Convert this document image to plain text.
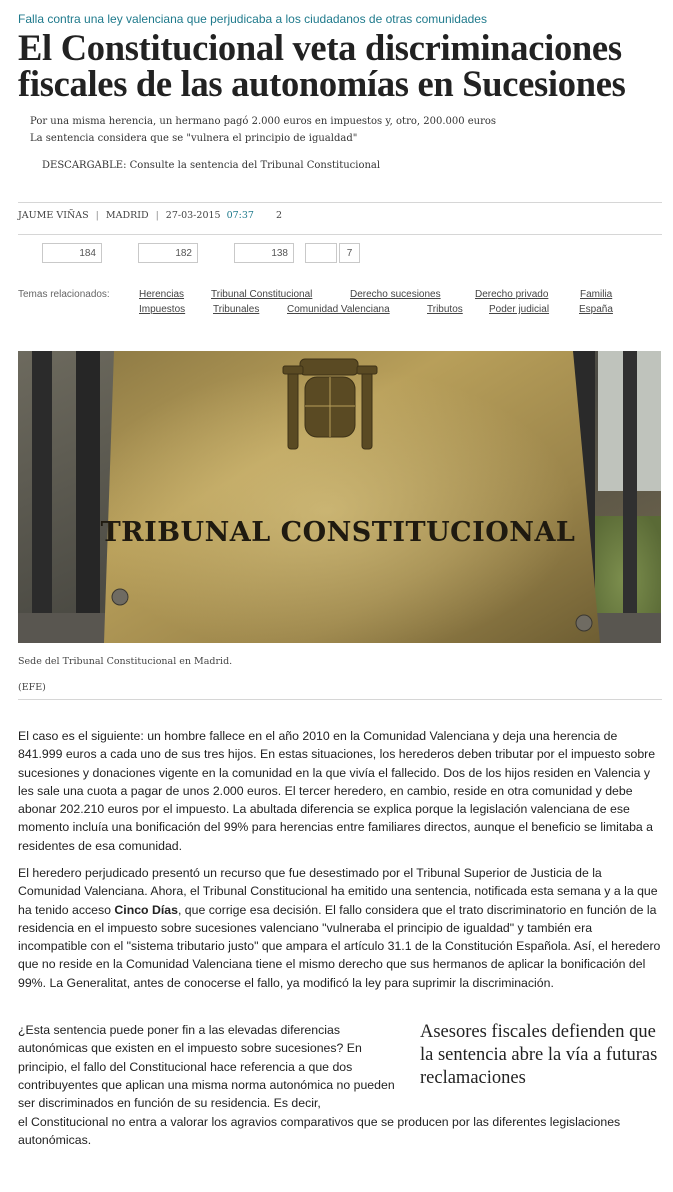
Falla contra una ley valenciana que perjudicaba a los ciudadanos de otras comunidades
El Constitucional veta discriminaciones fiscales de las autonomías en Sucesiones
Por una misma herencia, un hermano pagó 2.000 euros en impuestos y, otro, 200.000 euros
La sentencia considera que se "vulnera el principio de igualdad"
DESCARGABLE: Consulte la sentencia del Tribunal Constitucional
JAUME VIÑAS | MADRID | 27-03-2015 07:37 2
184	182	138	7
Temas relacionados:	Herencias	Tribunal Constitucional	Derecho sucesiones	Derecho privado	Familia
Impuestos	Tribunales	Comunidad Valenciana	Tributos	Poder judicial	España
TRIBUNAL CONSTITUCIONAL
Sede del Tribunal Constitucional en Madrid.
(EFE)

El caso es el siguiente: un hombre fallece en el año 2010 en la Comunidad Valenciana y deja una herencia de 841.999 euros a cada uno de sus tres hijos. En estas situaciones, los herederos deben tributar por el impuesto sobre sucesiones y donaciones vigente en la comunidad en la que vivía el fallecido. Dos de los hijos residen en Valencia y les sale una cuota a pagar de unos 2.000 euros. El tercer heredero, en cambio, reside en otra comunidad y debe abonar 202.210 euros por el impuesto. La abultada diferencia se explica porque la legislación valenciana de ese momento incluía una bonificación del 99% para herencias entre familiares directos, aunque el beneficio se limitaba a residentes de esa comunidad.

El heredero perjudicado presentó un recurso que fue desestimado por el Tribunal Superior de Justicia de la Comunidad Valenciana. Ahora, el Tribunal Constitucional ha emitido una sentencia, notificada esta semana y a la que ha tenido acceso Cinco Días, que corrige esa decisión. El fallo considera que el trato discriminatorio en función de la residencia en el impuesto sobre sucesiones valenciano "vulneraba el principio de igualdad" y también era incompatible con el "sistema tributario justo" que ampara el artículo 31.1 de la Constitución Española. Así, el heredero que no reside en la Comunidad Valenciana tiene el mismo derecho que sus hermanos de aplicar la bonificación del 99%. La Generalitat, antes de conocerse el fallo, ya modificó la ley para suprimir la discriminación.

¿Esta sentencia puede poner fin a las elevadas diferencias autonómicas que existen en el impuesto sobre sucesiones? En principio, el fallo del Constitucional hace referencia a que dos contribuyentes que aplican una misma norma autonómica no pueden ser discriminados en función de su residencia. Es decir,

el Constitucional no entra a valorar los agravios comparativos que se producen por las diferentes legislaciones autonómicas.

Asesores fiscales defienden que la sentencia abre la vía a futuras reclamaciones
